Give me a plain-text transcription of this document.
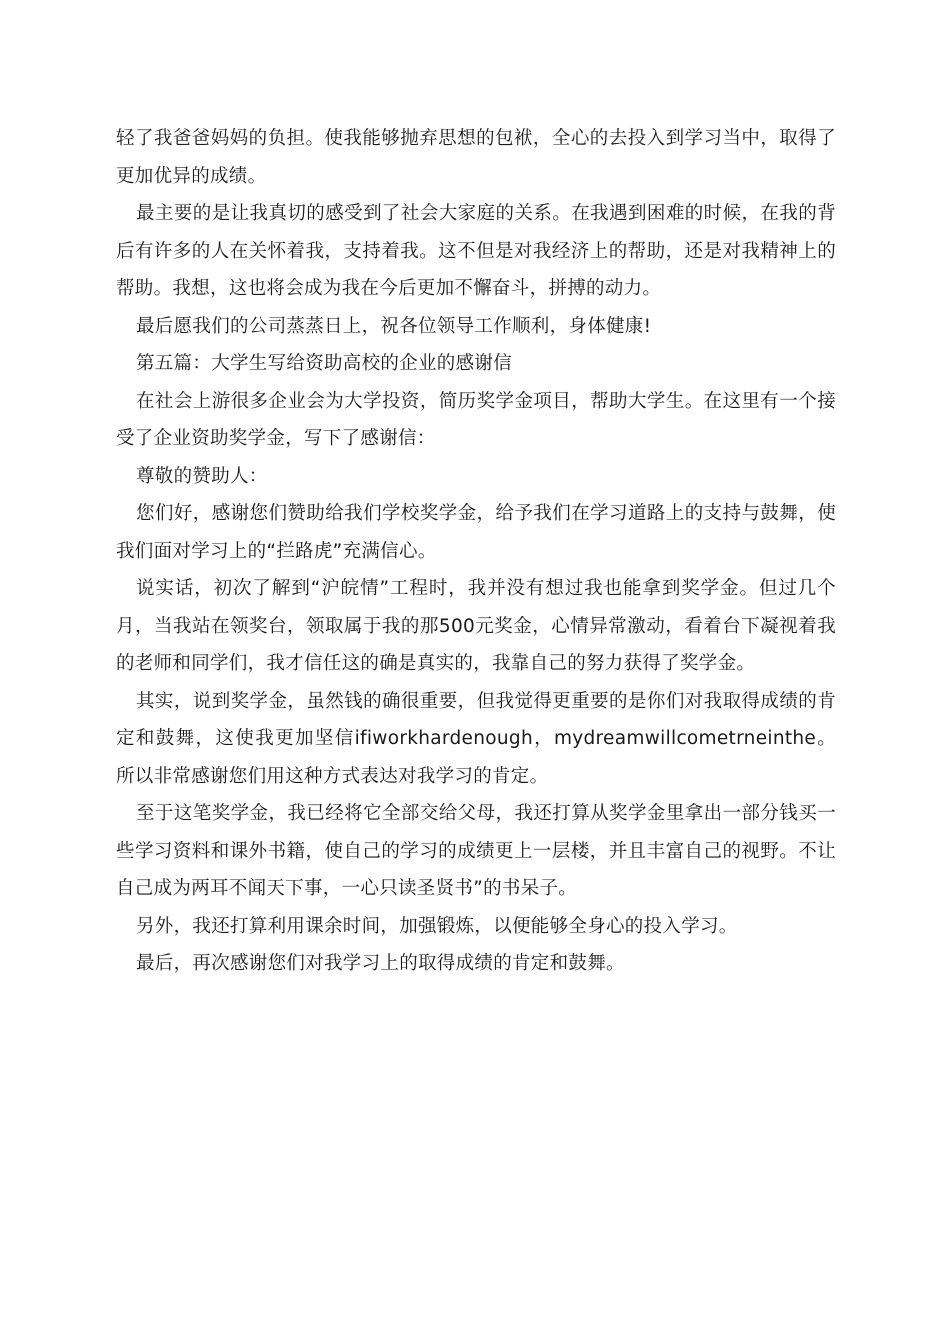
轻了我爸爸妈妈的负担。使我能够抛弃思想的包袱，全心的去投入到学习当中，取得了更加优异的成绩。

最主要的是让我真切的感受到了社会大家庭的关系。在我遇到困难的时候，在我的背后有许多的人在关怀着我，支持着我。这不但是对我经济上的帮助，还是对我精神上的帮助。我想，这也将会成为我在今后更加不懈奋斗，拼搏的动力。

最后愿我们的公司蒸蒸日上，祝各位领导工作顺利，身体健康!

第五篇：大学生写给资助高校的企业的感谢信

在社会上游很多企业会为大学投资，简历奖学金项目，帮助大学生。在这里有一个接受了企业资助奖学金，写下了感谢信：

尊敬的赞助人：

您们好，感谢您们赞助给我们学校奖学金，给予我们在学习道路上的支持与鼓舞，使我们面对学习上的“拦路虎”充满信心。

说实话，初次了解到“沪皖情”工程时，我并没有想过我也能拿到奖学金。但过几个月，当我站在领奖台，领取属于我的那500元奖金，心情异常激动，看着台下凝视着我的老师和同学们，我才信任这的确是真实的，我靠自己的努力获得了奖学金。

其实，说到奖学金，虽然钱的确很重要，但我觉得更重要的是你们对我取得成绩的肯定和鼓舞，这使我更加坚信ifiworkhardenough，mydreamwillcometrneinthe。所以非常感谢您们用这种方式表达对我学习的肯定。

至于这笔奖学金，我已经将它全部交给父母，我还打算从奖学金里拿出一部分钱买一些学习资料和课外书籍，使自己的学习的成绩更上一层楼，并且丰富自己的视野。不让自己成为两耳不闻天下事，一心只读圣贤书”的书呆子。

另外，我还打算利用课余时间，加强锻炼，以便能够全身心的投入学习。

最后，再次感谢您们对我学习上的取得成绩的肯定和鼓舞。
